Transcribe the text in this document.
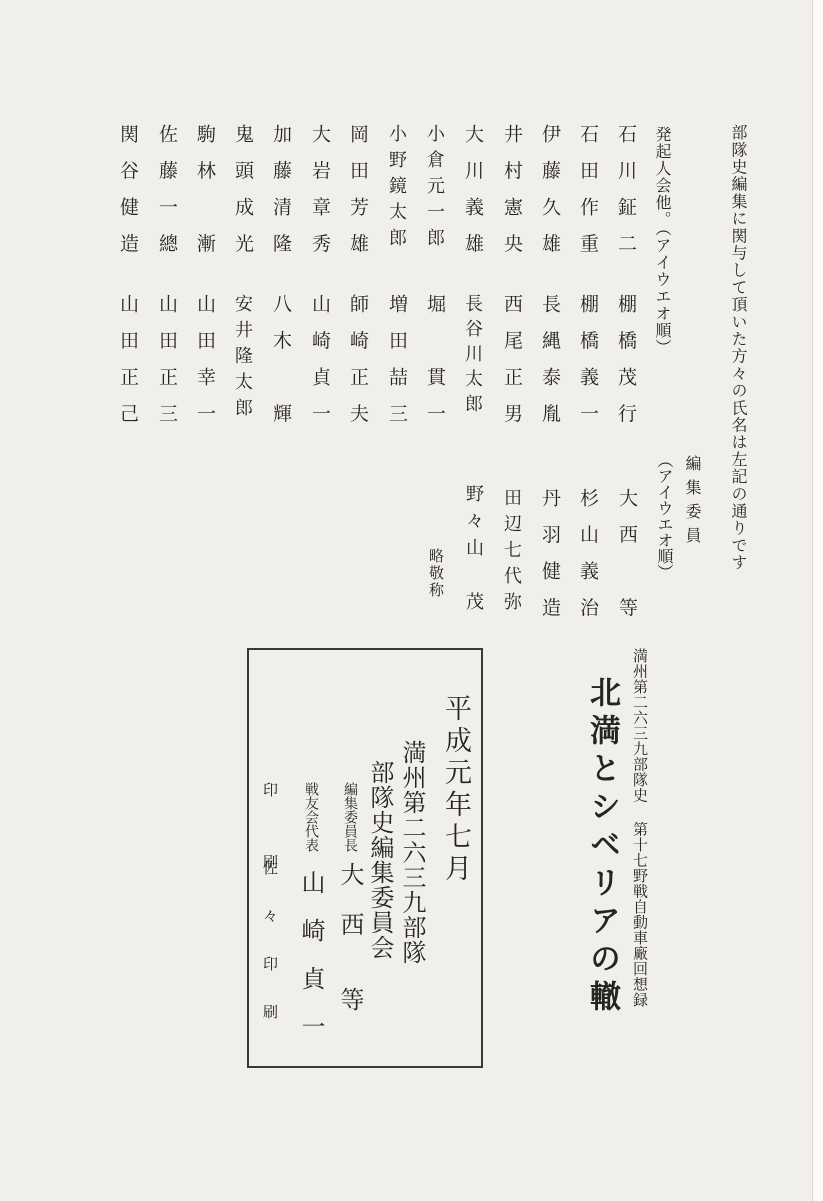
部隊史編集に関与して頂いた方々の氏名は左記の通りです
編集委員
（アイウエオ順）
大西　等
杉山義治
丹羽健造
田辺七代弥
野々山　茂
略敬称
発起人会他。（アイウエオ順）
石川鉦二
棚橋茂行
石田作重
棚橋義一
伊藤久雄
長縄泰胤
井村憲央
西尾正男
大川義雄
長谷川太郎
小倉元一郎
堀　貫一
小野鏡太郎
増田喆三
岡田芳雄
師崎正夫
大岩章秀
山崎貞一
加藤清隆
八木　輝
鬼頭成光
安井隆太郎
駒林　漸
山田幸一
佐藤一總
山田正三
関谷健造
山田正己
満州第二六三九部隊史 第十七野戦自動車廠回想録
北満とシベリアの轍
平成元年七月
満州第二六三九部隊
部隊史編集委員会
編集委員長
大　西　　等
戦友会代表
山　崎　貞　一
印　　刷
佐　々　印　刷
